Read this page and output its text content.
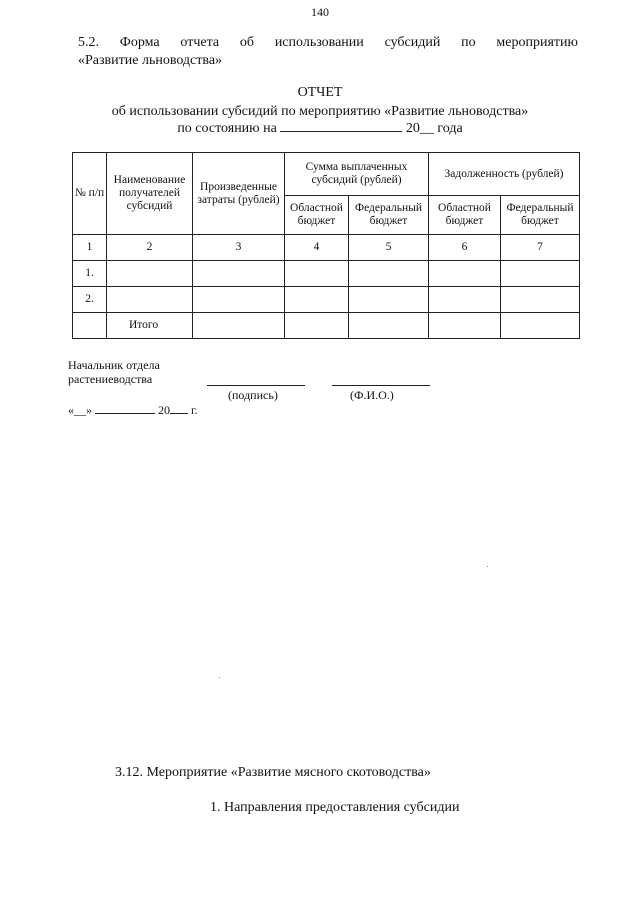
140
5.2. Форма отчета об использовании субсидий по мероприятию
«Развитие льноводства»
ОТЧЕТ
об использовании субсидий по мероприятию «Развитие льноводства»
по состоянию на	20__ года
№ п/п	Наименование получателей субсидий	Произведенные затраты (рублей)	Сумма выплаченных субсидий (рублей)		Задолженность (рублей)	
			Областной бюджет	Федеральный бюджет	Областной бюджет	Федеральный бюджет
1	2	3	4	5	6	7
1.						
2.						
	Итого					
Начальник отдела
растениеводства
(подпись)	(Ф.И.О.)
«__»	20 г.
3.12. Мероприятие «Развитие мясного скотоводства»
1. Направления предоставления субсидии
